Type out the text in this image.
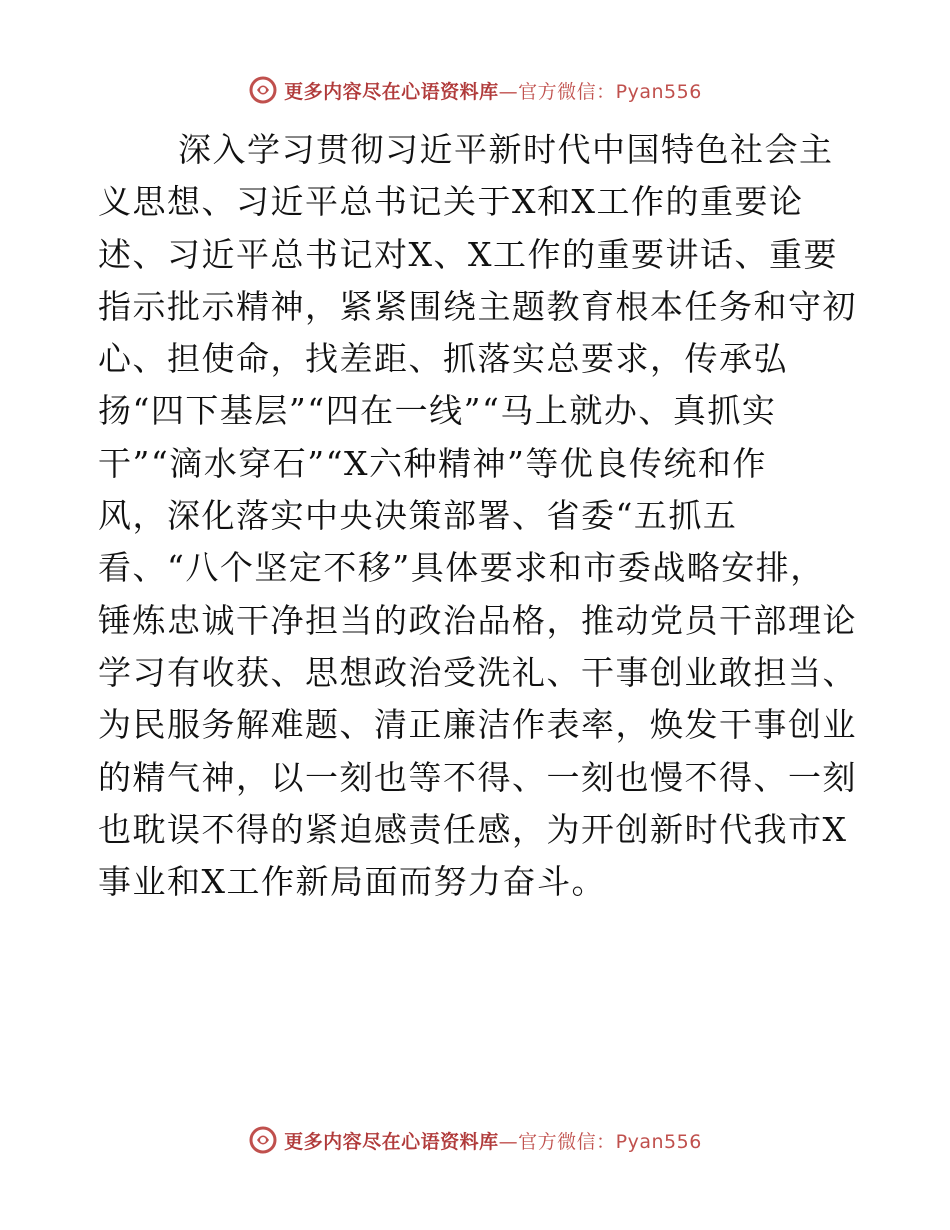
更多内容尽在心语资料库—官方微信：Pyan556
深入学习贯彻习近平新时代中国特色社会主
义思想、习近平总书记关于X和X工作的重要论
述、习近平总书记对X、X工作的重要讲话、重要
指示批示精神，紧紧围绕主题教育根本任务和守初
心、担使命，找差距、抓落实总要求，传承弘
扬“四下基层”“四在一线”“马上就办、真抓实
干”“滴水穿石”“X六种精神”等优良传统和作
风，深化落实中央决策部署、省委“五抓五
看、“八个坚定不移”具体要求和市委战略安排，
锤炼忠诚干净担当的政治品格，推动党员干部理论
学习有收获、思想政治受洗礼、干事创业敢担当、
为民服务解难题、清正廉洁作表率，焕发干事创业
的精气神，以一刻也等不得、一刻也慢不得、一刻
也耽误不得的紧迫感责任感，为开创新时代我市X
事业和X工作新局面而努力奋斗。
更多内容尽在心语资料库—官方微信：Pyan556
